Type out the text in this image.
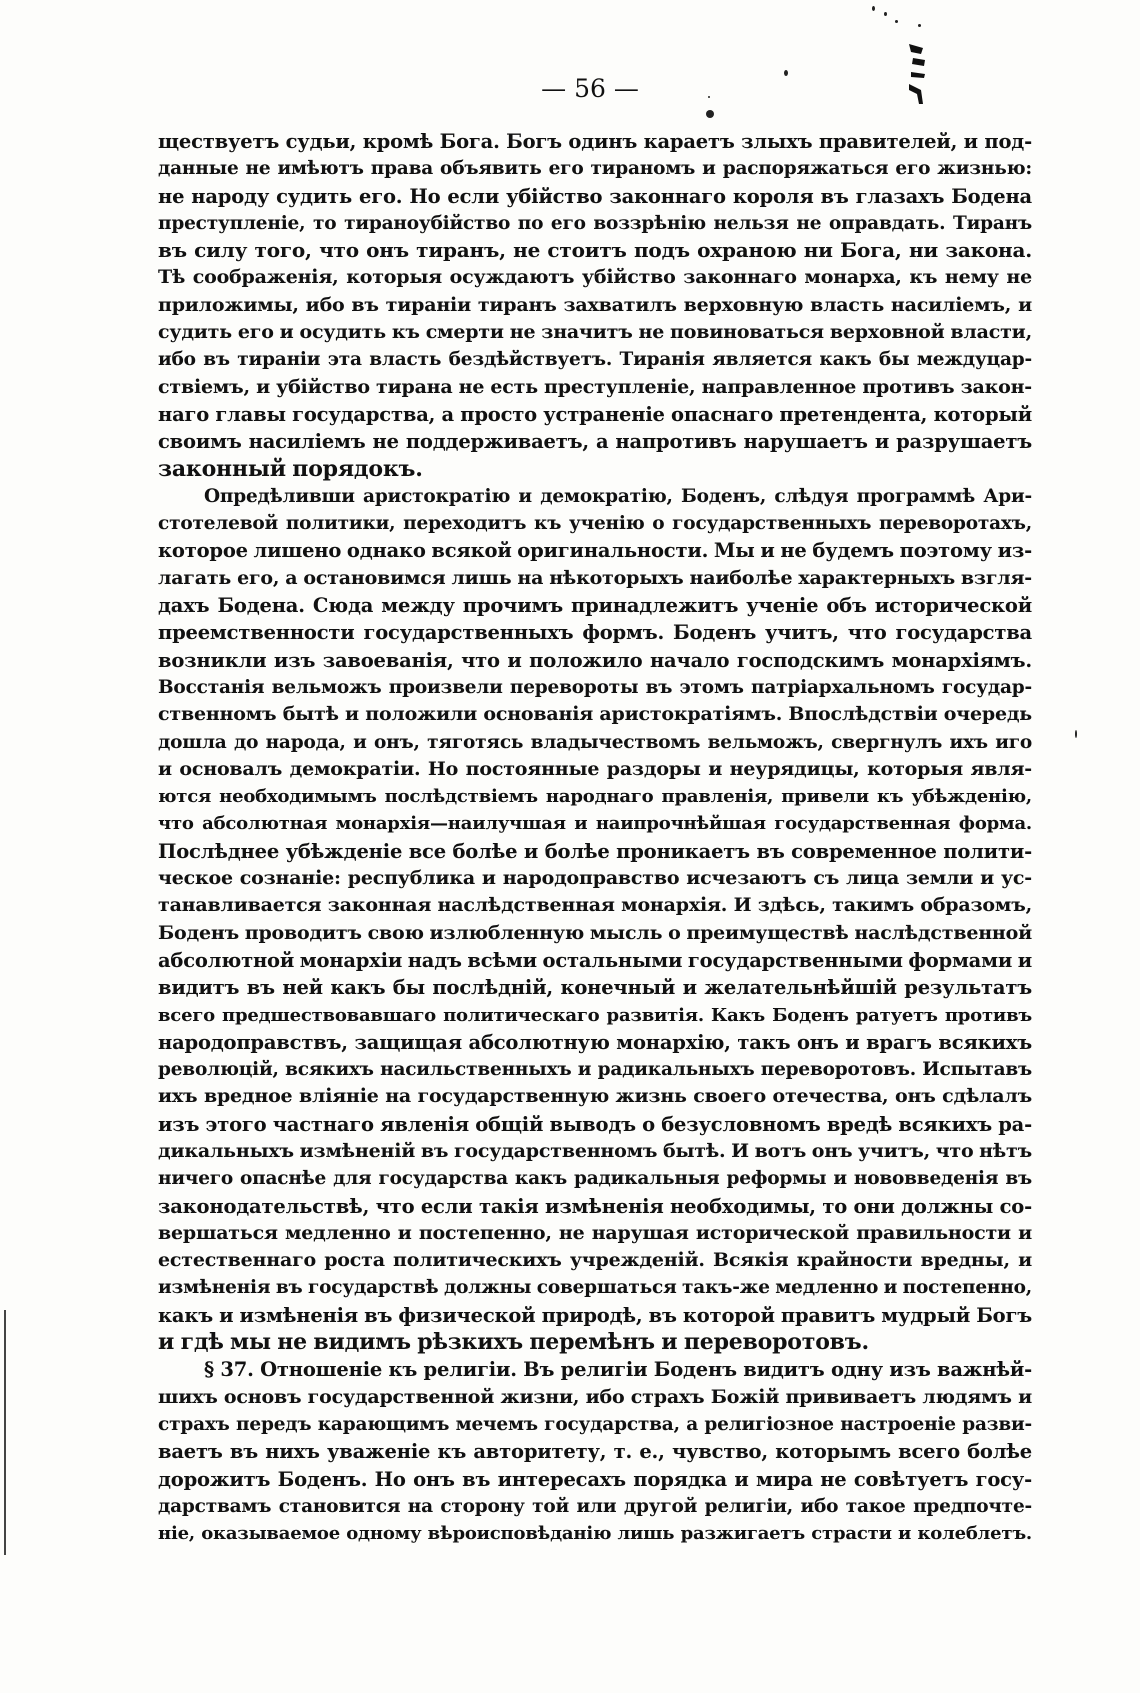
— 56 —
ществуетъ судьи, кромѣ Бога. Богъ одинъ караетъ злыхъ правителей, и под-
данные не имѣютъ права объявить его тираномъ и распоряжаться его жизнью:
не народу судить его. Но если убійство законнаго короля въ глазахъ Бодена
преступленіе, то тираноубійство по его воззрѣнію нельзя не оправдать. Тиранъ
въ силу того, что онъ тиранъ, не стоитъ подъ охраною ни Бога, ни закона.
Тѣ соображенія, которыя осуждаютъ убійство законнаго монарха, къ нему не
приложимы, ибо въ тираніи тиранъ захватилъ верховную власть насиліемъ, и
судить его и осудить къ смерти не значитъ не повиноваться верховной власти,
ибо въ тираніи эта власть бездѣйствуетъ. Тиранія является какъ бы междуцар-
ствіемъ, и убійство тирана не есть преступленіе, направленное противъ закон-
наго главы государства, а просто устраненіе опаснаго претендента, который
своимъ насиліемъ не поддерживаетъ, а напротивъ нарушаетъ и разрушаетъ
законный порядокъ.
Опредѣливши аристократію и демократію, Боденъ, слѣдуя программѣ Ари-
стотелевой политики, переходитъ къ ученію о государственныхъ переворотахъ,
которое лишено однако всякой оригинальности. Мы и не будемъ поэтому из-
лагать его, а остановимся лишь на нѣкоторыхъ наиболѣе характерныхъ взгля-
дахъ Бодена. Сюда между прочимъ принадлежитъ ученіе объ исторической
преемственности государственныхъ формъ. Боденъ учитъ, что государства
возникли изъ завоеванія, что и положило начало господскимъ монархіямъ.
Восстанія вельможъ произвели перевороты въ этомъ патріархальномъ государ-
ственномъ бытѣ и положили основанія аристократіямъ. Впослѣдствіи очередь
дошла до народа, и онъ, тяготясь владычествомъ вельможъ, свергнулъ ихъ иго
и основалъ демократіи. Но постоянные раздоры и неурядицы, которыя явля-
ются необходимымъ послѣдствіемъ народнаго правленія, привели къ убѣжденію,
что абсолютная монархія—наилучшая и наипрочнѣйшая государственная форма.
Послѣднее убѣжденіе все болѣе и болѣе проникаетъ въ современное полити-
ческое сознаніе: республика и народоправство исчезаютъ съ лица земли и ус-
танавливается законная наслѣдственная монархія. И здѣсь, такимъ образомъ,
Боденъ проводитъ свою излюбленную мысль о преимуществѣ наслѣдственной
абсолютной монархіи надъ всѣми остальными государственными формами и
видитъ въ ней какъ бы послѣдній, конечный и желательнѣйшій результатъ
всего предшествовавшаго политическаго развитія. Какъ Боденъ ратуетъ противъ
народоправствъ, защищая абсолютную монархію, такъ онъ и врагъ всякихъ
революцій, всякихъ насильственныхъ и радикальныхъ переворотовъ. Испытавъ
ихъ вредное вліяніе на государственную жизнь своего отечества, онъ сдѣлалъ
изъ этого частнаго явленія общій выводъ о безусловномъ вредѣ всякихъ ра-
дикальныхъ измѣненій въ государственномъ бытѣ. И вотъ онъ учитъ, что нѣтъ
ничего опаснѣе для государства какъ радикальныя реформы и нововведенія въ
законодательствѣ, что если такія измѣненія необходимы, то они должны со-
вершаться медленно и постепенно, не нарушая исторической правильности и
естественнаго роста политическихъ учрежденій. Всякія крайности вредны, и
измѣненія въ государствѣ должны совершаться такъ-же медленно и постепенно,
какъ и измѣненія въ физической природѣ, въ которой правитъ мудрый Богъ
и гдѣ мы не видимъ рѣзкихъ перемѣнъ и переворотовъ.
§ 37. Отношеніе къ религіи. Въ религіи Боденъ видитъ одну изъ важнѣй-
шихъ основъ государственной жизни, ибо страхъ Божій прививаетъ людямъ и
страхъ передъ карающимъ мечемъ государства, а религіозное настроеніе разви-
ваетъ въ нихъ уваженіе къ авторитету, т. е., чувство, которымъ всего болѣе
дорожитъ Боденъ. Но онъ въ интересахъ порядка и мира не совѣтуетъ госу-
дарствамъ становится на сторону той или другой религіи, ибо такое предпочте-
ніе, оказываемое одному вѣроисповѣданію лишь разжигаетъ страсти и колеблетъ.
